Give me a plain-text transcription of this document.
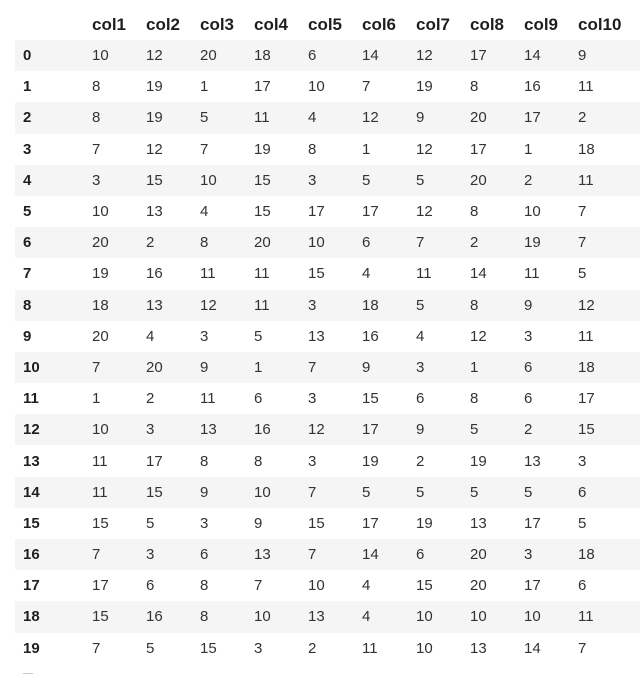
	col1	col2	col3	col4	col5	col6	col7	col8	col9	col10
0	10	12	20	18	6	14	12	17	14	9
1	8	19	1	17	10	7	19	8	16	11
2	8	19	5	11	4	12	9	20	17	2
3	7	12	7	19	8	1	12	17	1	18
4	3	15	10	15	3	5	5	20	2	11
5	10	13	4	15	17	17	12	8	10	7
6	20	2	8	20	10	6	7	2	19	7
7	19	16	11	11	15	4	11	14	11	5
8	18	13	12	11	3	18	5	8	9	12
9	20	4	3	5	13	16	4	12	3	11
10	7	20	9	1	7	9	3	1	6	18
11	1	2	11	6	3	15	6	8	6	17
12	10	3	13	16	12	17	9	5	2	15
13	11	17	8	8	3	19	2	19	13	3
14	11	15	9	10	7	5	5	5	5	6
15	15	5	3	9	15	17	19	13	17	5
16	7	3	6	13	7	14	6	20	3	18
17	17	6	8	7	10	4	15	20	17	6
18	15	16	8	10	13	4	10	10	10	11
19	7	5	15	3	2	11	10	13	14	7
